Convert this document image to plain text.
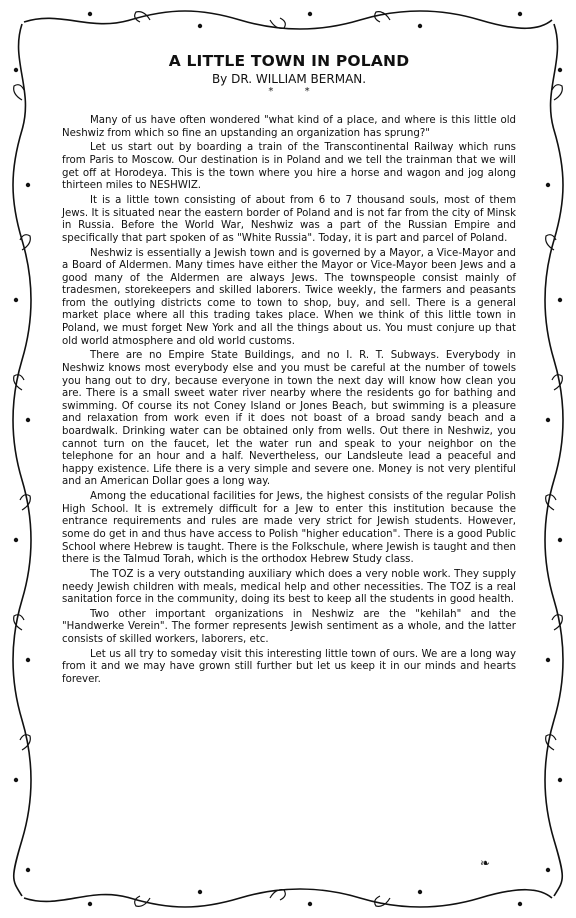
A LITTLE TOWN IN POLAND

By DR. WILLIAM BERMAN.

* *

Many of us have often wondered "what kind of a place, and where is this little old Neshwiz from which so fine an upstanding an organization has sprung?"

Let us start out by boarding a train of the Transcontinental Railway which runs from Paris to Moscow. Our destination is in Poland and we tell the trainman that we will get off at Horodeya. This is the town where you hire a horse and wagon and jog along thirteen miles to NESHWIZ.

It is a little town consisting of about from 6 to 7 thousand souls, most of them Jews. It is situated near the eastern border of Poland and is not far from the city of Minsk in Russia. Before the World War, Neshwiz was a part of the Russian Empire and specifically that part spoken of as "White Russia". Today, it is part and parcel of Poland.

Neshwiz is essentially a Jewish town and is governed by a Mayor, a Vice-Mayor and a Board of Aldermen. Many times have either the Mayor or Vice-Mayor been Jews and a good many of the Aldermen are always Jews. The townspeople consist mainly of tradesmen, storekeepers and skilled laborers. Twice weekly, the farmers and peasants from the outlying districts come to town to shop, buy, and sell. There is a general market place where all this trading takes place. When we think of this little town in Poland, we must forget New York and all the things about us. You must conjure up that old world atmosphere and old world customs.

There are no Empire State Buildings, and no I. R. T. Subways. Everybody in Neshwiz knows most everybody else and you must be careful at the number of towels you hang out to dry, because everyone in town the next day will know how clean you are. There is a small sweet water river nearby where the residents go for bathing and swimming. Of course its not Coney Island or Jones Beach, but swimming is a pleasure and relaxation from work even if it does not boast of a broad sandy beach and a boardwalk. Drinking water can be obtained only from wells. Out there in Neshwiz, you cannot turn on the faucet, let the water run and speak to your neighbor on the telephone for an hour and a half. Nevertheless, our Landsleute lead a peaceful and happy existence. Life there is a very simple and severe one. Money is not very plentiful and an American Dollar goes a long way.

Among the educational facilities for Jews, the highest consists of the regular Polish High School. It is extremely difficult for a Jew to enter this institution because the entrance requirements and rules are made very strict for Jewish students. However, some do get in and thus have access to Polish "higher education". There is a good Public School where Hebrew is taught. There is the Folkschule, where Jewish is taught and then there is the Talmud Torah, which is the orthodox Hebrew Study class.

The TOZ is a very outstanding auxiliary which does a very noble work. They supply needy Jewish children with meals, medical help and other necessities. The TOZ is a real sanitation force in the community, doing its best to keep all the students in good health.

Two other important organizations in Neshwiz are the "kehilah" and the "Handwerke Verein". The former represents Jewish sentiment as a whole, and the latter consists of skilled workers, laborers, etc.

Let us all try to someday visit this interesting little town of ours. We are a long way from it and we may have grown still further but let us keep it in our minds and hearts forever.

❧
